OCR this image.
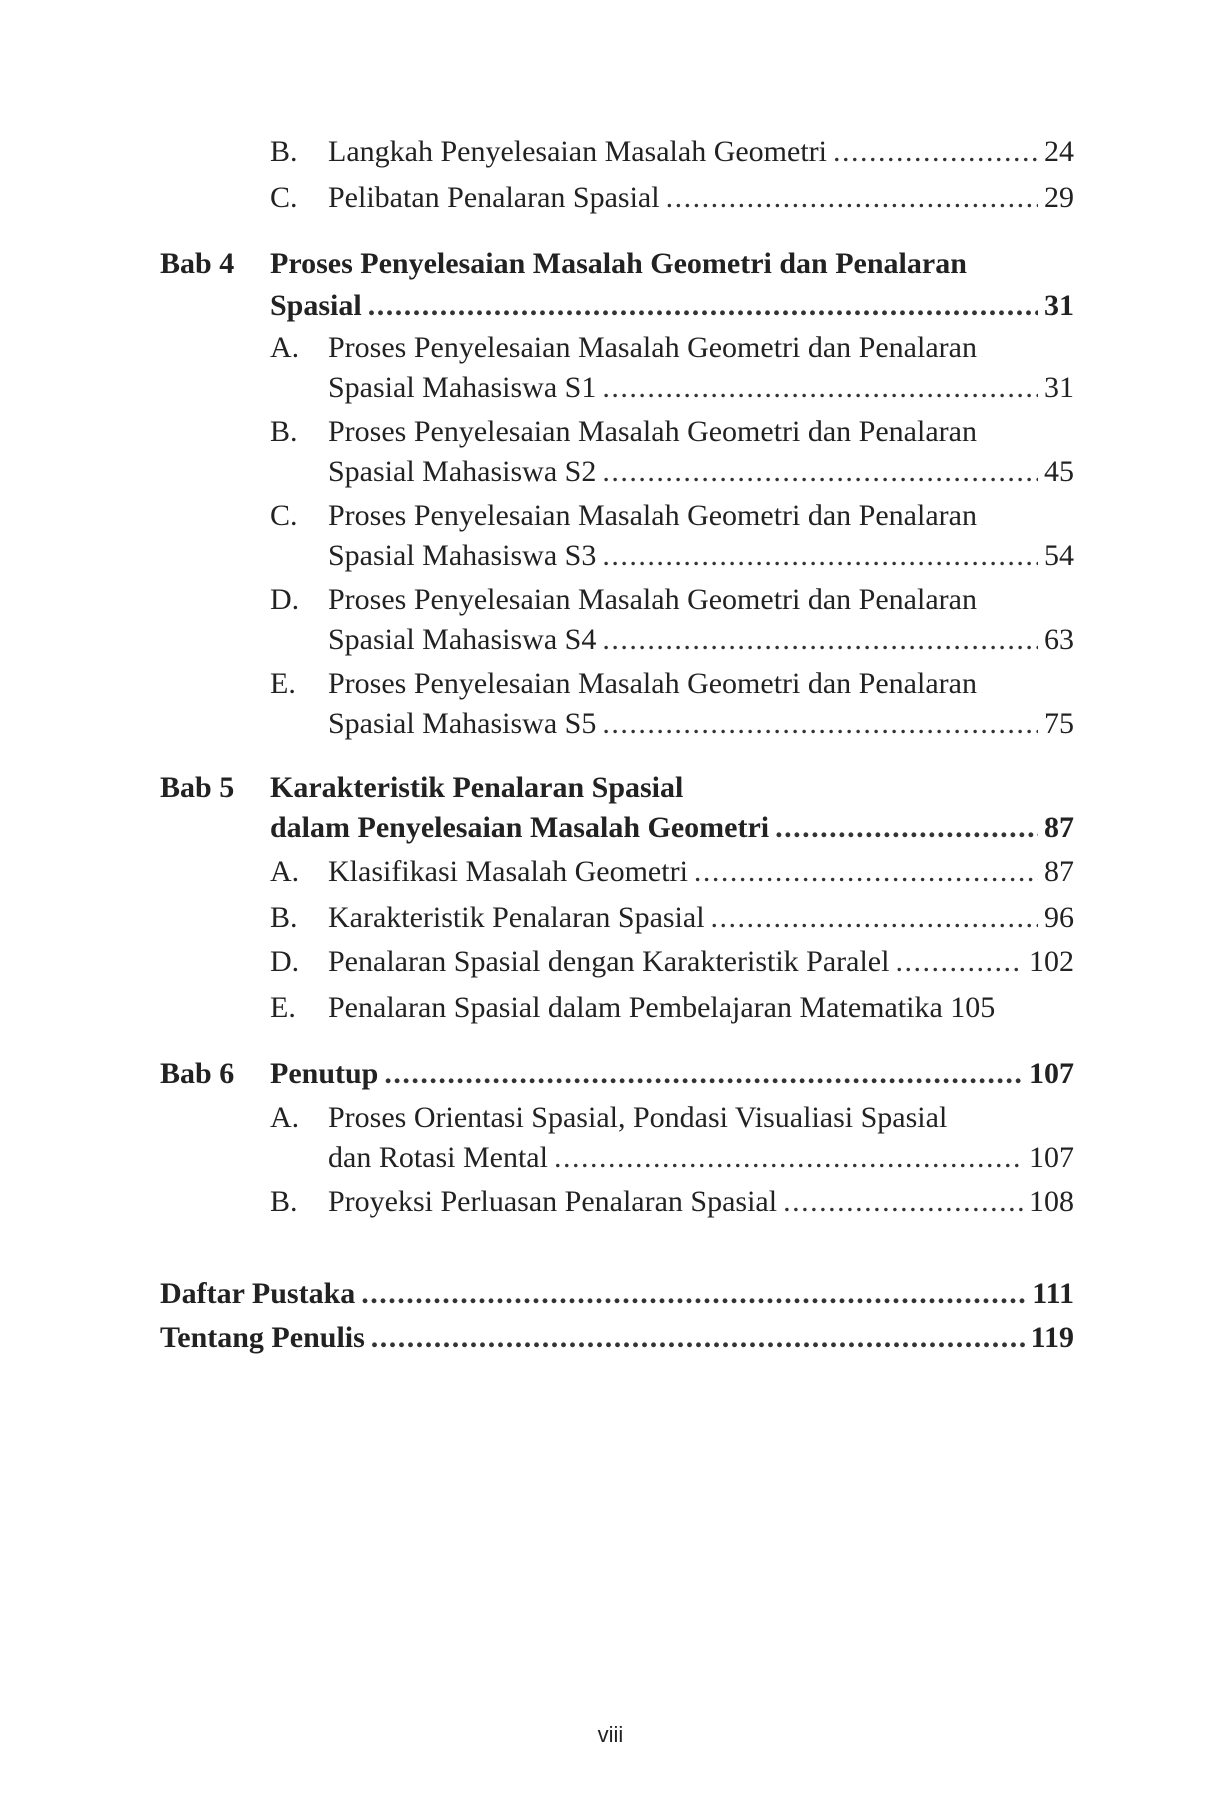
B. Langkah Penyelesaian Masalah Geometri .....	24
C. Pelibatan Penalaran Spasial .....	29
Bab 4 Proses Penyelesaian Masalah Geometri dan Penalaran
Spasial .....	31
A. Proses Penyelesaian Masalah Geometri dan Penalaran
Spasial Mahasiswa S1 .....	31
B. Proses Penyelesaian Masalah Geometri dan Penalaran
Spasial Mahasiswa S2 .....	45
C. Proses Penyelesaian Masalah Geometri dan Penalaran
Spasial Mahasiswa S3 .....	54
D. Proses Penyelesaian Masalah Geometri dan Penalaran
Spasial Mahasiswa S4 .....	63
E. Proses Penyelesaian Masalah Geometri dan Penalaran
Spasial Mahasiswa S5 .....	75
Bab 5 Karakteristik Penalaran Spasial
dalam Penyelesaian Masalah Geometri .....	87
A. Klasifikasi Masalah Geometri .....	87
B. Karakteristik Penalaran Spasial .....	96
D. Penalaran Spasial dengan Karakteristik Paralel .....	102
E. Penalaran Spasial dalam Pembelajaran Matematika 105
Bab 6 Penutup .....	107
A. Proses Orientasi Spasial, Pondasi Visualiasi Spasial
dan Rotasi Mental .....	107
B. Proyeksi Perluasan Penalaran Spasial .....	108
Daftar Pustaka .....	111
Tentang Penulis .....	119
viii
